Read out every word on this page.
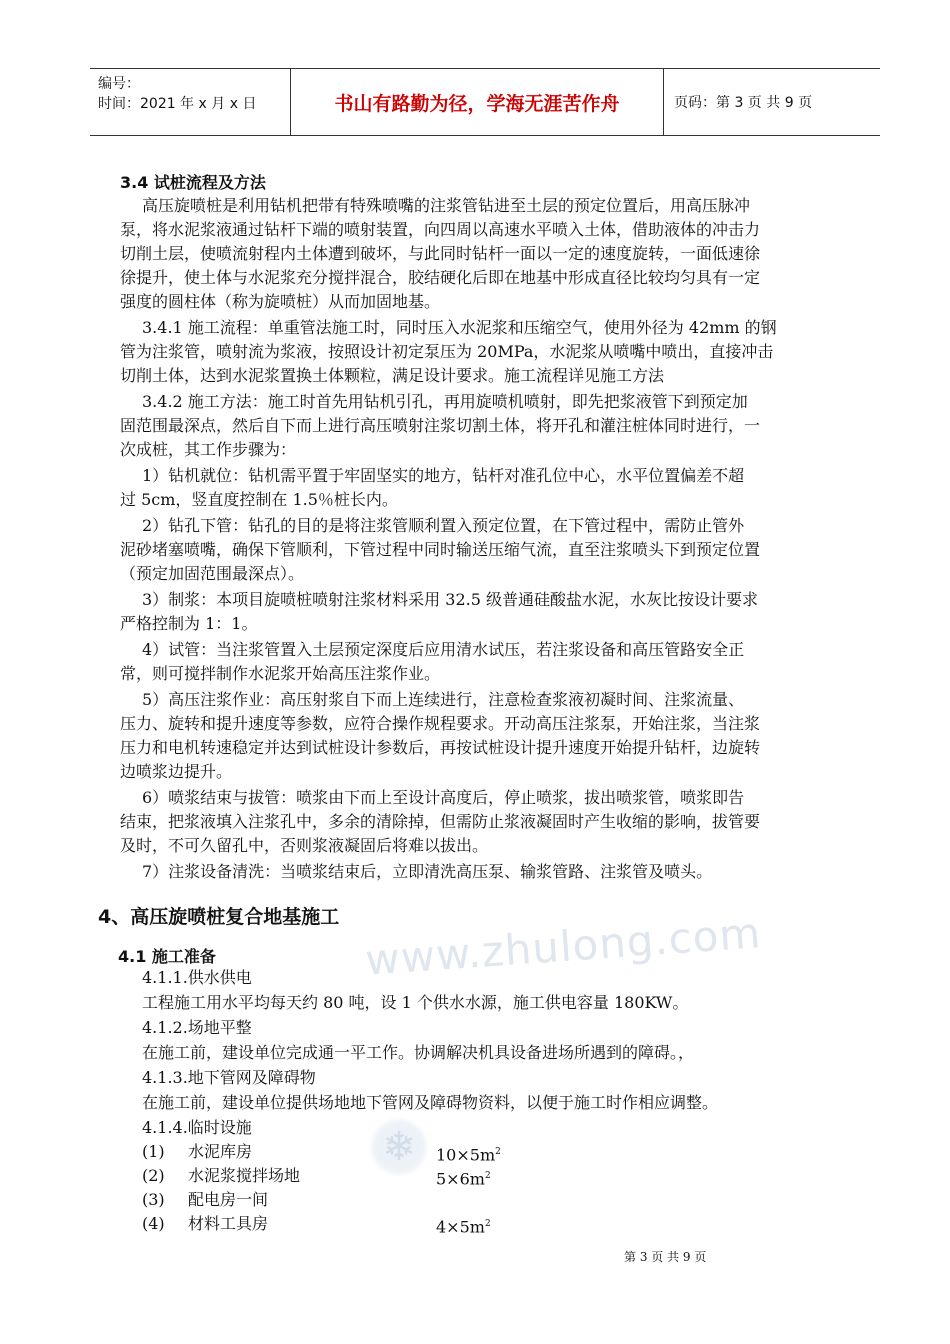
编号：
时间：2021 年 x 月 x 日	书山有路勤为径，学海无涯苦作舟	页码：第 3 页 共 9 页
www.zhulong.com
❄
3.4 试桩流程及方法
高压旋喷桩是利用钻机把带有特殊喷嘴的注浆管钻进至土层的预定位置后，用高压脉冲
泵，将水泥浆液通过钻杆下端的喷射装置，向四周以高速水平喷入土体，借助液体的冲击力
切削土层，使喷流射程内土体遭到破坏，与此同时钻杆一面以一定的速度旋转，一面低速徐
徐提升，使土体与水泥浆充分搅拌混合，胶结硬化后即在地基中形成直径比较均匀具有一定
强度的圆柱体（称为旋喷桩）从而加固地基。
3.4.1 施工流程：单重管法施工时，同时压入水泥浆和压缩空气，使用外径为 42mm 的钢
管为注浆管，喷射流为浆液，按照设计初定泵压为 20MPa，水泥浆从喷嘴中喷出，直接冲击
切削土体，达到水泥浆置换土体颗粒，满足设计要求。施工流程详见施工方法
3.4.2 施工方法：施工时首先用钻机引孔，再用旋喷机喷射，即先把浆液管下到预定加
固范围最深点，然后自下而上进行高压喷射注浆切割土体，将开孔和灌注桩体同时进行，一
次成桩，其工作步骤为：
1）钻机就位：钻机需平置于牢固坚实的地方，钻杆对准孔位中心，水平位置偏差不超
过 5cm，竖直度控制在 1.5％桩长内。
2）钻孔下管：钻孔的目的是将注浆管顺利置入预定位置，在下管过程中，需防止管外
泥砂堵塞喷嘴，确保下管顺利，下管过程中同时输送压缩气流，直至注浆喷头下到预定位置
（预定加固范围最深点）。
3）制浆：本项目旋喷桩喷射注浆材料采用 32.5 级普通硅酸盐水泥，水灰比按设计要求
严格控制为 1：1。
4）试管：当注浆管置入土层预定深度后应用清水试压，若注浆设备和高压管路安全正
常，则可搅拌制作水泥浆开始高压注浆作业。
5）高压注浆作业：高压射浆自下而上连续进行，注意检查浆液初凝时间、注浆流量、
压力、旋转和提升速度等参数，应符合操作规程要求。开动高压注浆泵，开始注浆，当注浆
压力和电机转速稳定并达到试桩设计参数后，再按试桩设计提升速度开始提升钻杆，边旋转
边喷浆边提升。
6）喷浆结束与拔管：喷浆由下而上至设计高度后，停止喷浆，拔出喷浆管，喷浆即告
结束，把浆液填入注浆孔中，多余的清除掉，但需防止浆液凝固时产生收缩的影响，拔管要
及时，不可久留孔中，否则浆液凝固后将难以拔出。
7）注浆设备清洗：当喷浆结束后，立即清洗高压泵、输浆管路、注浆管及喷头。
4、高压旋喷桩复合地基施工
4.1 施工准备
4.1.1.供水供电
工程施工用水平均每天约 80 吨，设 1 个供水水源，施工供电容量 180KW。
4.1.2.场地平整
在施工前，建设单位完成通一平工作。协调解决机具设备进场所遇到的障碍。，
4.1.3.地下管网及障碍物
在施工前，建设单位提供场地地下管网及障碍物资料，以便于施工时作相应调整。
4.1.4.临时设施
(1) 水泥库房	$10\times 5m^2$
(2) 水泥浆搅拌场地	$5\times 6m^2$
(3) 配电房一间
(4) 材料工具房	$4\times 5m^2$
第 3 页 共 9 页
